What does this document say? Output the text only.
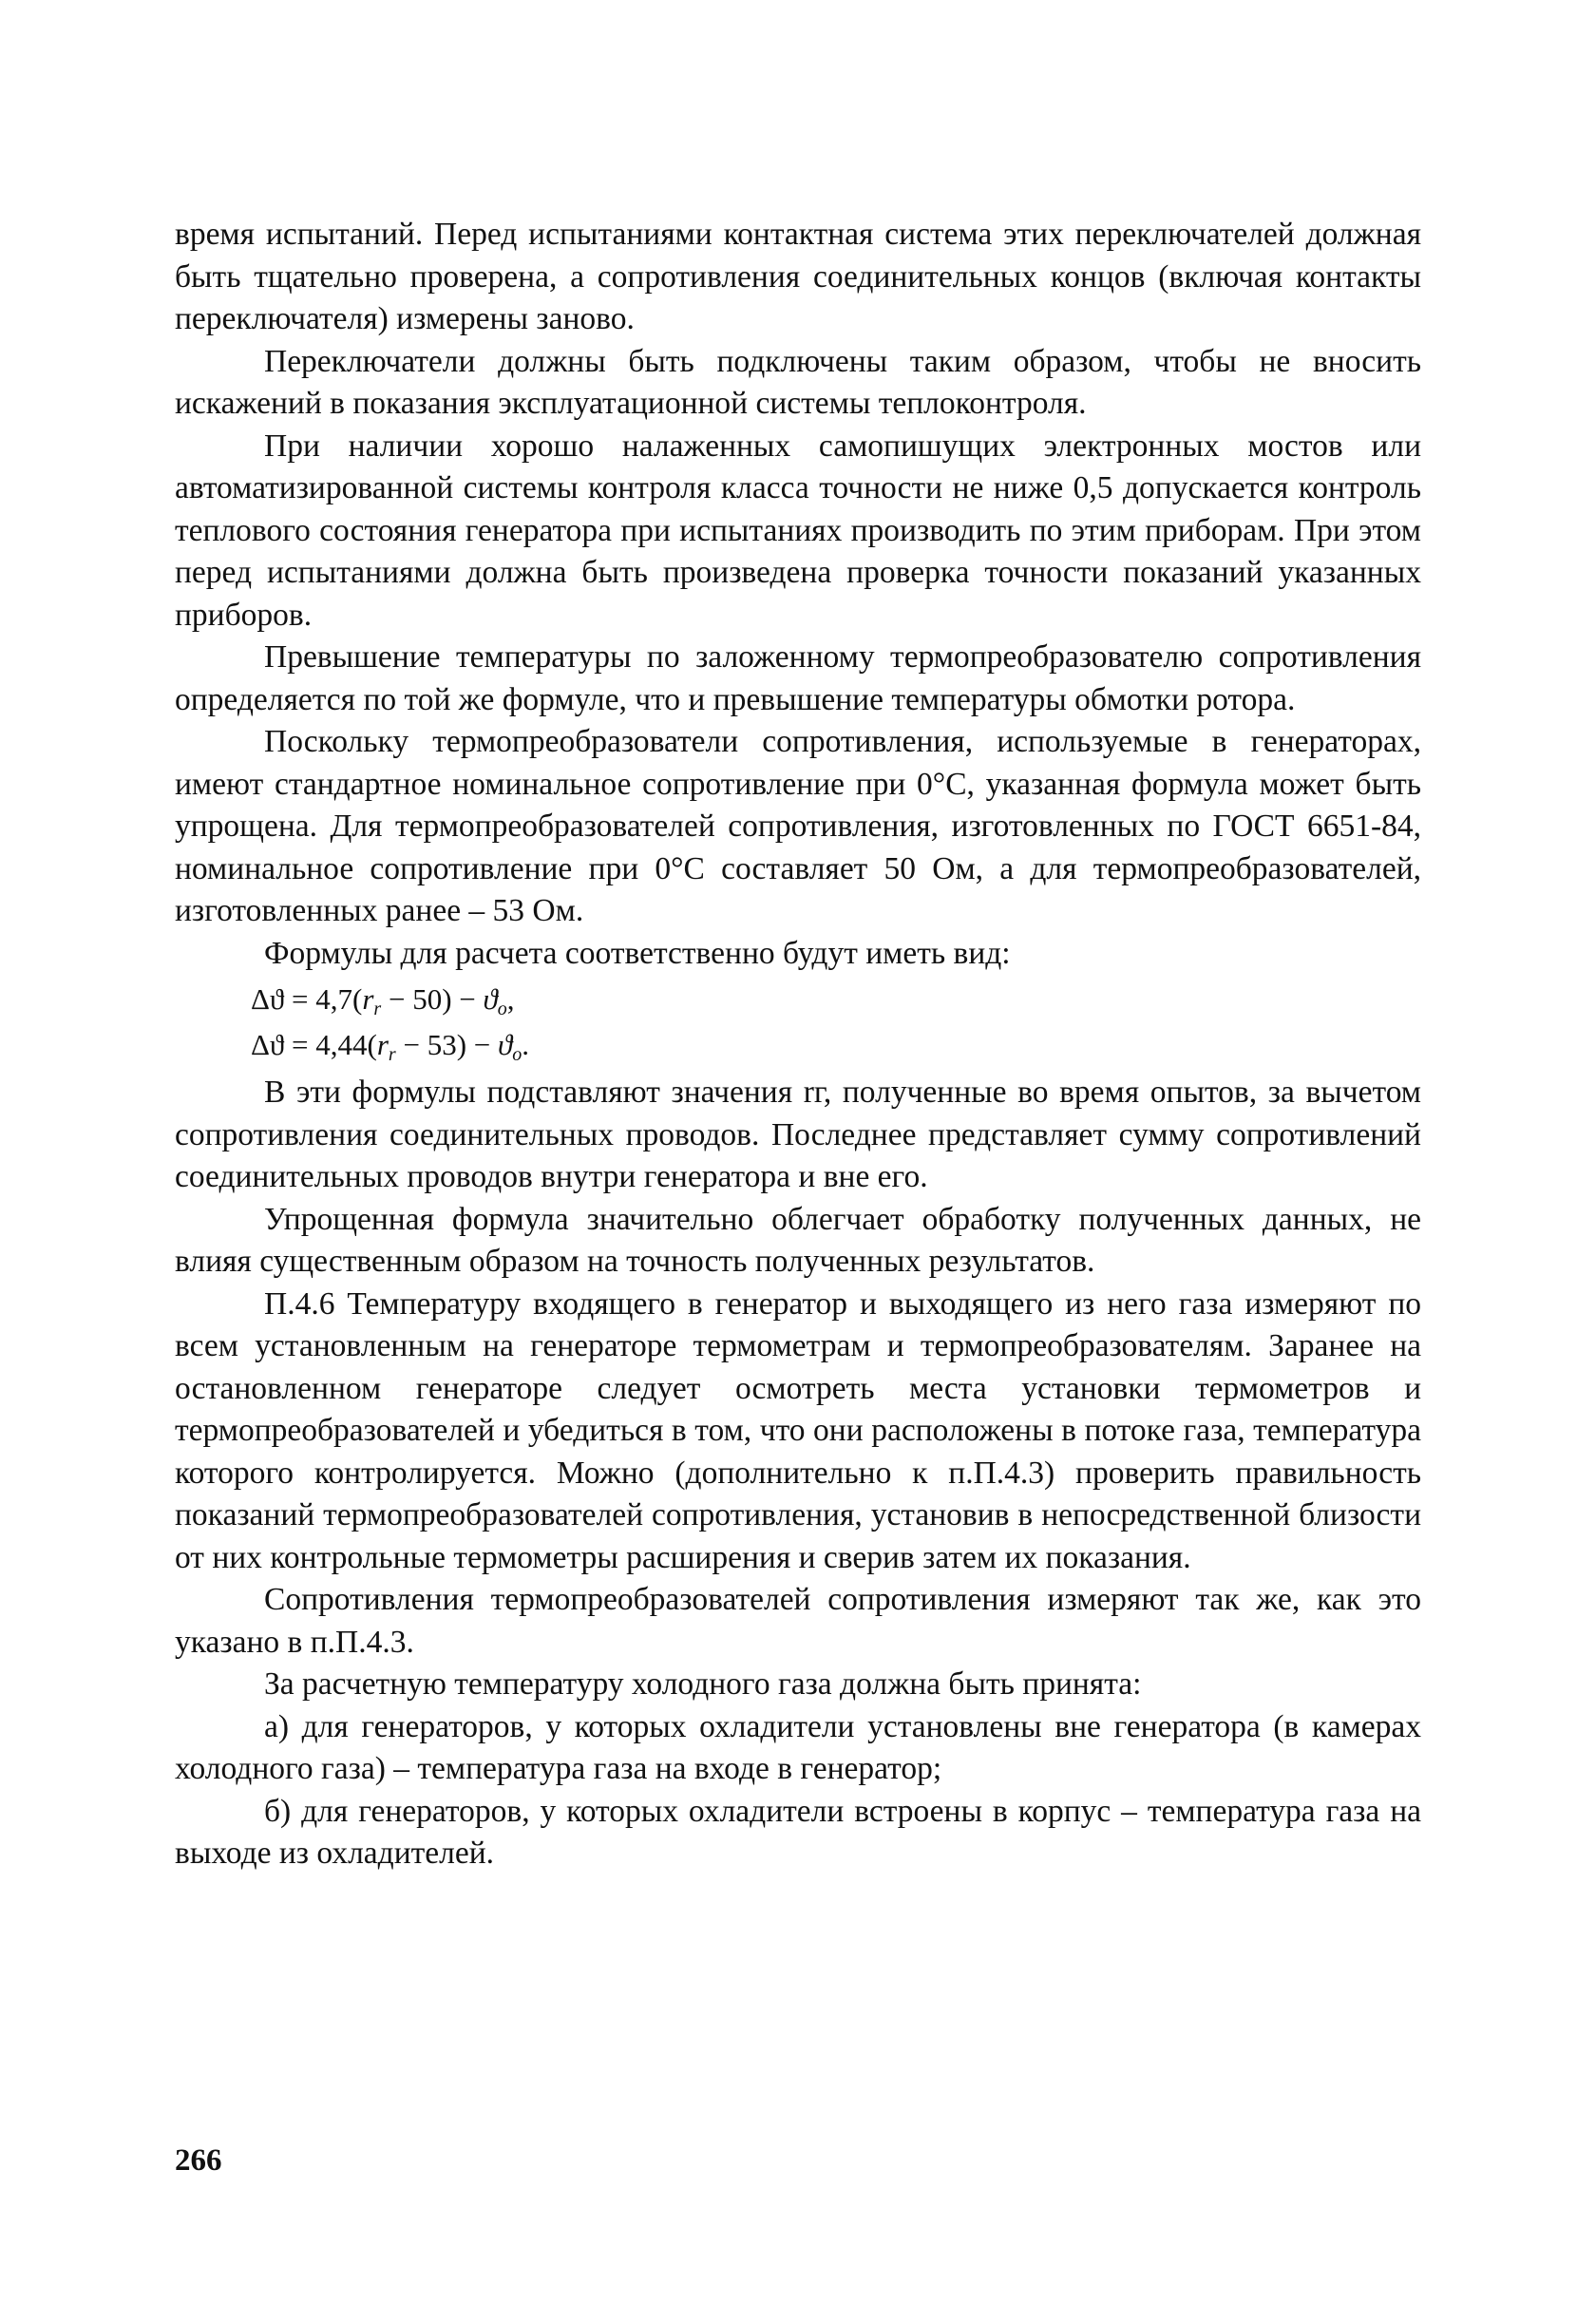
время испытаний. Перед испытаниями контактная система этих переключателей должная быть тщательно проверена, а сопротивления соединительных концов (включая контакты переключателя) измерены заново.

Переключатели должны быть подключены таким образом, чтобы не вносить искажений в показания эксплуатационной системы теплоконтроля.

При наличии хорошо налаженных самопишущих электронных мостов или автоматизированной системы контроля класса точности не ниже 0,5 допускается контроль теплового состояния генератора при испытаниях производить по этим приборам. При этом перед испытаниями должна быть произведена проверка точности показаний указанных приборов.

Превышение температуры по заложенному термопреобразователю сопротивления определяется по той же формуле, что и превышение температуры обмотки ротора.

Поскольку термопреобразователи сопротивления, используемые в генераторах, имеют стандартное номинальное сопротивление при 0°С, указанная формула может быть упрощена. Для термопреобразователей сопротивления, изготовленных по ГОСТ 6651-84, номинальное сопротивление при 0°С составляет 50 Ом, а для термопреобразователей, изготовленных ранее – 53 Ом.

Формулы для расчета соответственно будут иметь вид:

$\Delta ϑ = 4,7(r_r - 50) - ϑ_o$,
$\Delta ϑ = 4,44(r_r - 53) - ϑ_o$.

В эти формулы подставляют значения rг, полученные во время опытов, за вычетом сопротивления соединительных проводов. Последнее представляет сумму сопротивлений соединительных проводов внутри генератора и вне его.

Упрощенная формула значительно облегчает обработку полученных данных, не влияя существенным образом на точность полученных результатов.

П.4.6 Температуру входящего в генератор и выходящего из него газа измеряют по всем установленным на генераторе термометрам и термопреобразователям. Заранее на остановленном генераторе следует осмотреть места установки термометров и термопреобразователей и убедиться в том, что они расположены в потоке газа, температура которого контролируется. Можно (дополнительно к п.П.4.3) проверить правильность показаний термопреобразователей сопротивления, установив в непосредственной близости от них контрольные термометры расширения и сверив затем их показания.

Сопротивления термопреобразователей сопротивления измеряют так же, как это указано в п.П.4.3.

За расчетную температуру холодного газа должна быть принята:

а) для генераторов, у которых охладители установлены вне генератора (в камерах холодного газа) – температура газа на входе в генератор;

б) для генераторов, у которых охладители встроены в корпус – температура газа на выходе из охладителей.

266
